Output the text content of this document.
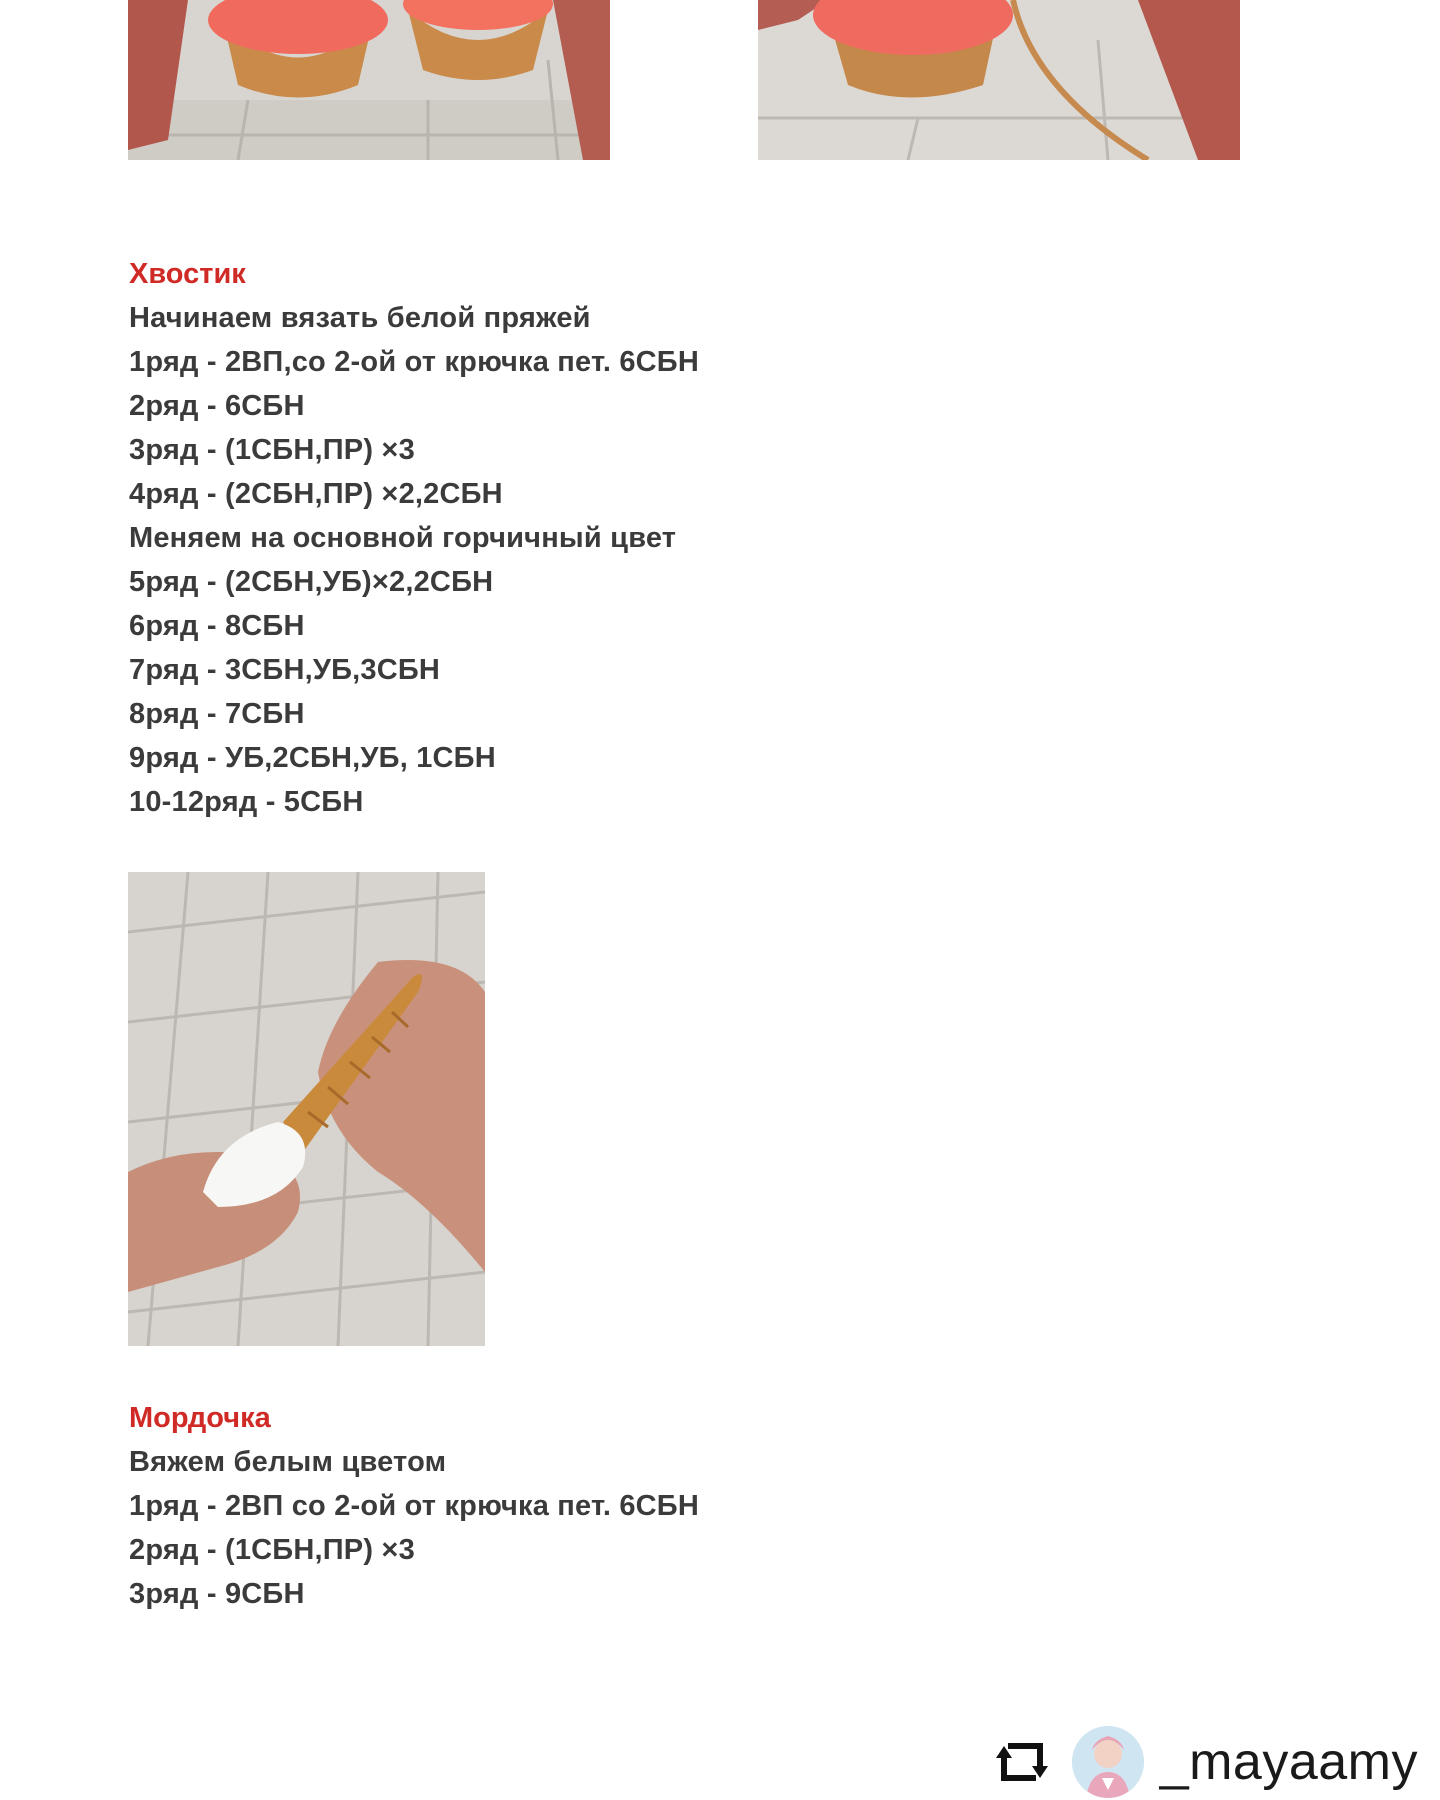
Хвостик
Начинаем вязать белой пряжей
1ряд - 2ВП,со 2-ой от крючка пет. 6СБН
2ряд - 6СБН
3ряд - (1СБН,ПР) ×3
4ряд - (2СБН,ПР) ×2,2СБН
Меняем на основной горчичный цвет
5ряд - (2СБН,УБ)×2,2СБН
6ряд - 8СБН
7ряд - 3СБН,УБ,3СБН
8ряд - 7СБН
9ряд - УБ,2СБН,УБ, 1СБН
10-12ряд - 5СБН
Мордочка
Вяжем белым цветом
1ряд - 2ВП со 2-ой от крючка пет. 6СБН
2ряд - (1СБН,ПР) ×3
3ряд - 9СБН
_mayaamy
